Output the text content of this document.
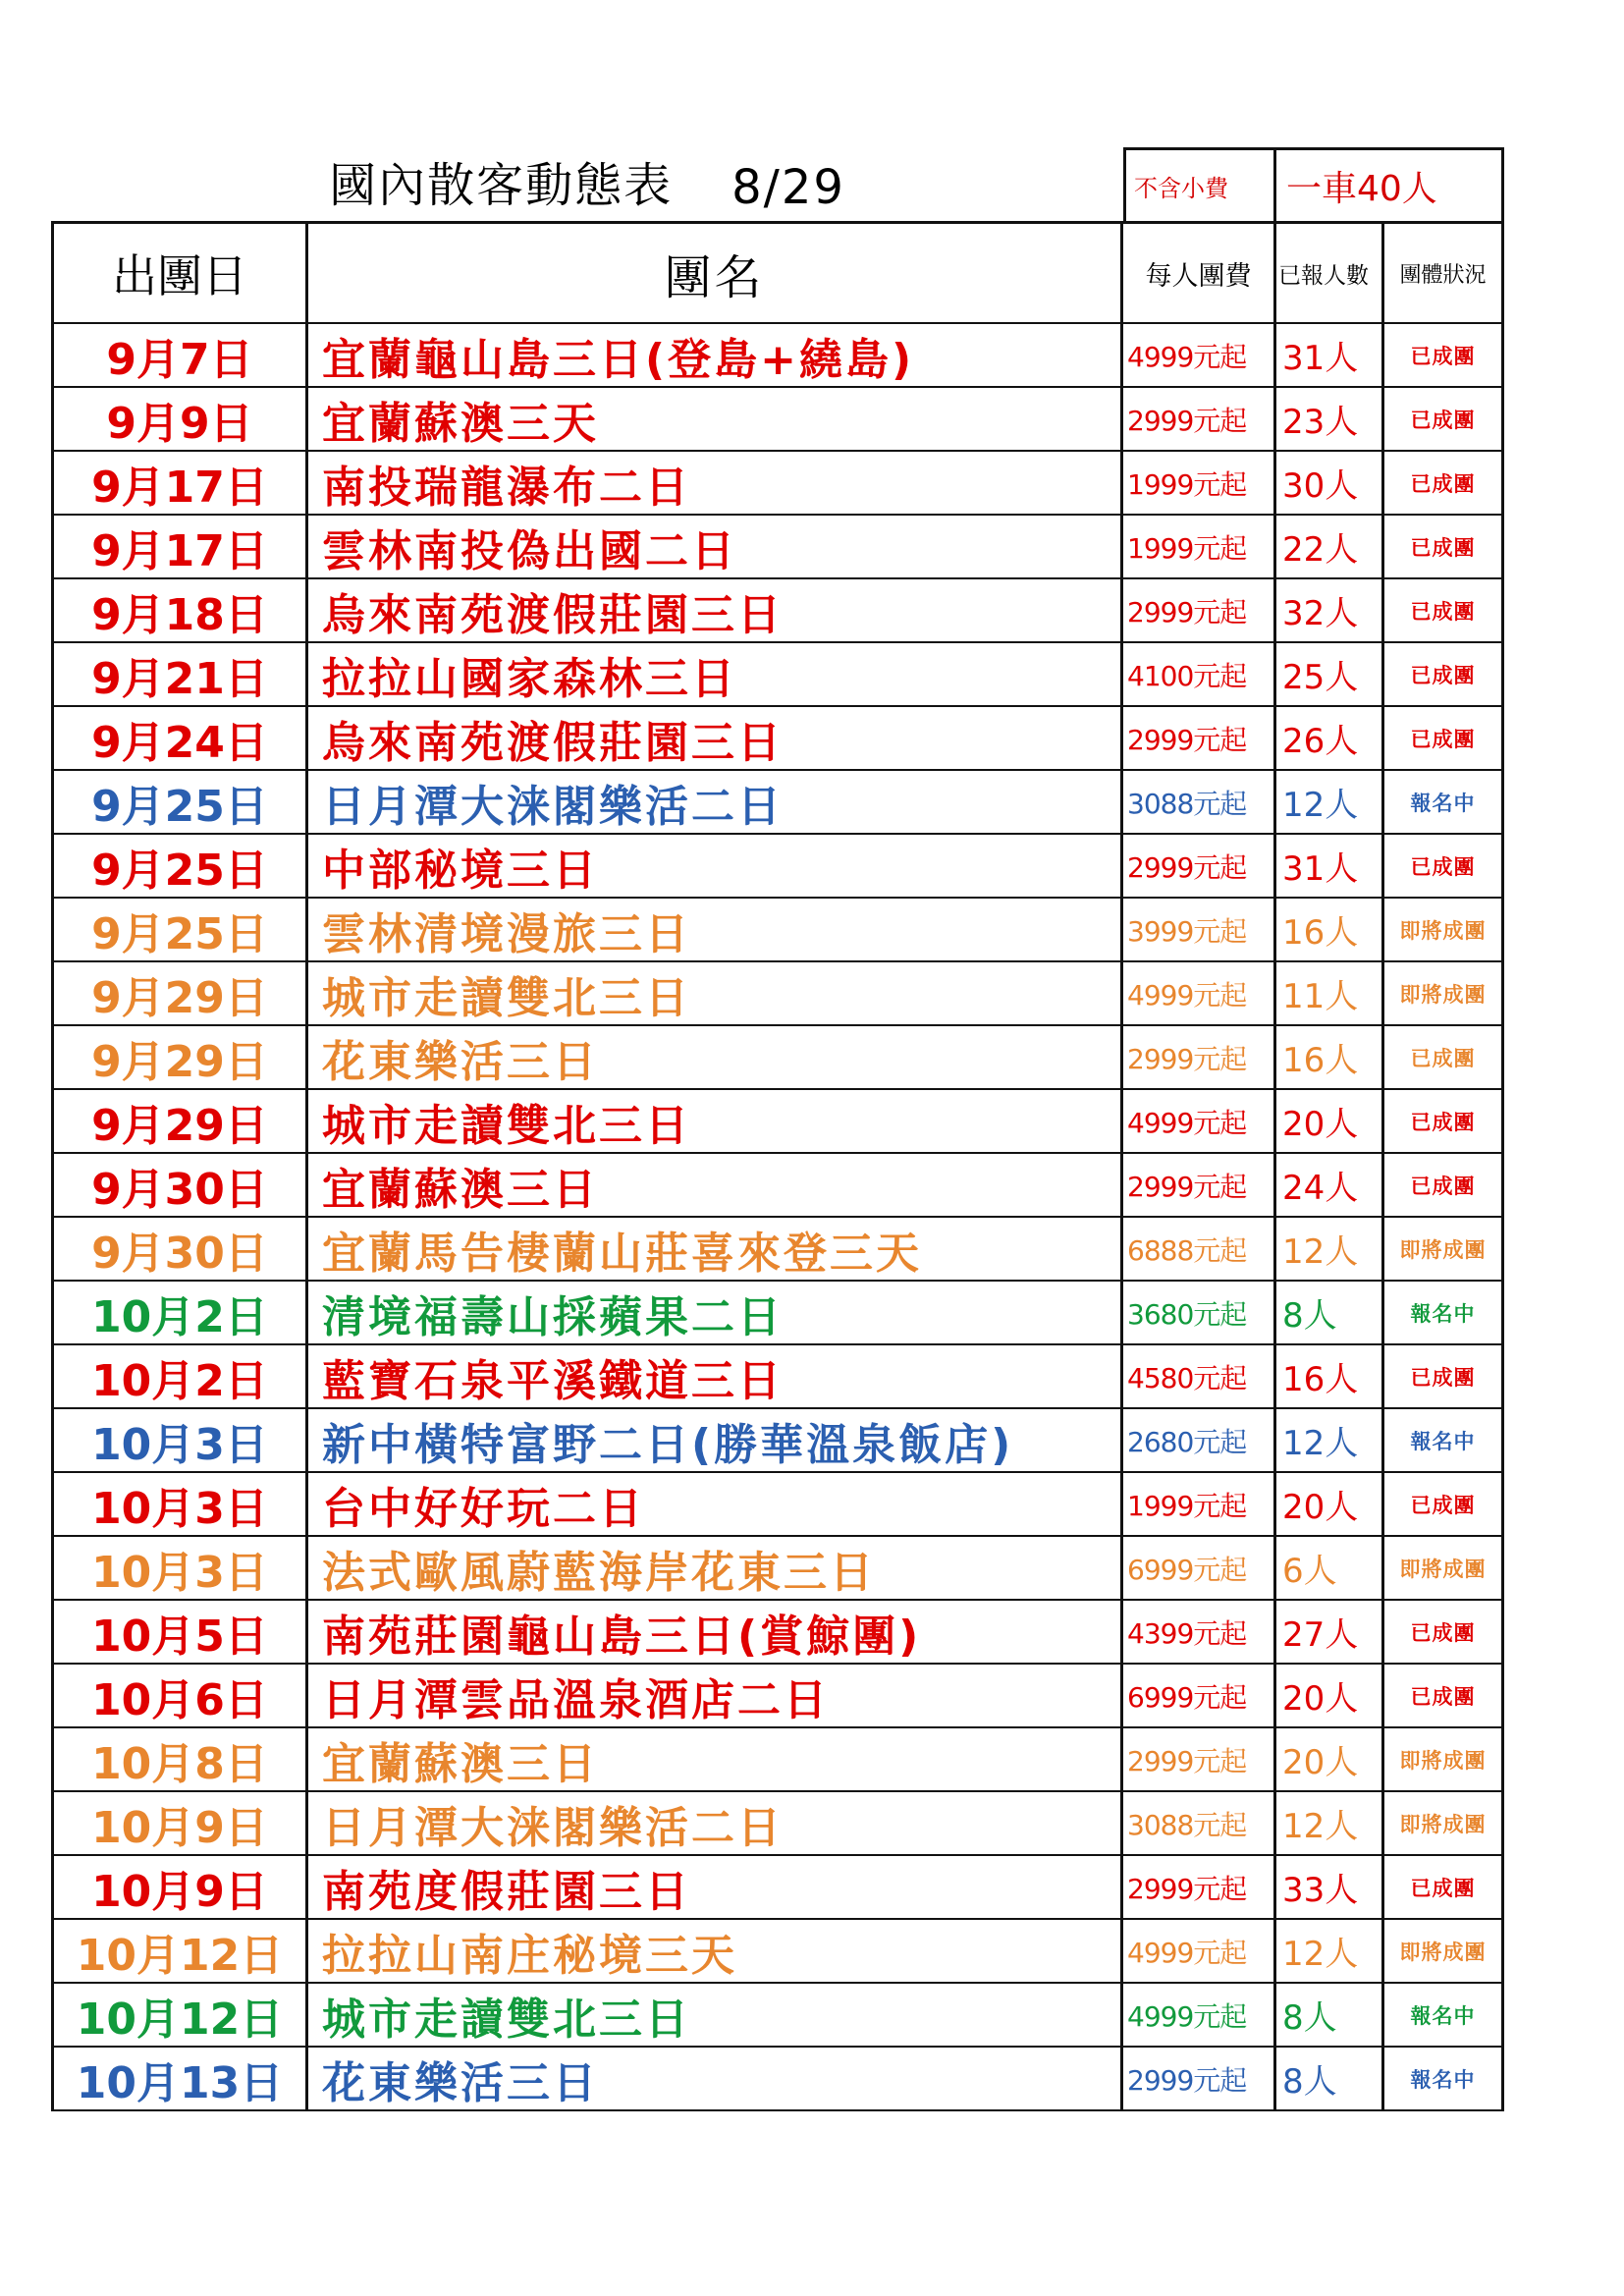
國內散客動態表 8/29	不含小費	一車40人
出團日	團名	每人團費	已報人數	團體狀況
9月7日	宜蘭龜山島三日(登島+繞島)	4999元起	31人	已成團
9月9日	宜蘭蘇澳三天	2999元起	23人	已成團
9月17日	南投瑞龍瀑布二日	1999元起	30人	已成團
9月17日	雲林南投偽出國二日	1999元起	22人	已成團
9月18日	烏來南苑渡假莊園三日	2999元起	32人	已成團
9月21日	拉拉山國家森林三日	4100元起	25人	已成團
9月24日	烏來南苑渡假莊園三日	2999元起	26人	已成團
9月25日	日月潭大涞閣樂活二日	3088元起	12人	報名中
9月25日	中部秘境三日	2999元起	31人	已成團
9月25日	雲林清境漫旅三日	3999元起	16人	即將成團
9月29日	城市走讀雙北三日	4999元起	11人	即將成團
9月29日	花東樂活三日	2999元起	16人	已成團
9月29日	城市走讀雙北三日	4999元起	20人	已成團
9月30日	宜蘭蘇澳三日	2999元起	24人	已成團
9月30日	宜蘭馬告棲蘭山莊喜來登三天	6888元起	12人	即將成團
10月2日	清境福壽山採蘋果二日	3680元起	8人	報名中
10月2日	藍寶石泉平溪鐵道三日	4580元起	16人	已成團
10月3日	新中橫特富野二日(勝華溫泉飯店)	2680元起	12人	報名中
10月3日	台中好好玩二日	1999元起	20人	已成團
10月3日	法式歐風蔚藍海岸花東三日	6999元起	6人	即將成團
10月5日	南苑莊園龜山島三日(賞鯨團)	4399元起	27人	已成團
10月6日	日月潭雲品溫泉酒店二日	6999元起	20人	已成團
10月8日	宜蘭蘇澳三日	2999元起	20人	即將成團
10月9日	日月潭大涞閣樂活二日	3088元起	12人	即將成團
10月9日	南苑度假莊園三日	2999元起	33人	已成團
10月12日 拉拉山南庄秘境三天	4999元起	12人	即將成團
10月12日 城市走讀雙北三日	4999元起	8人	報名中
10月13日 花東樂活三日	2999元起	8人	報名中
